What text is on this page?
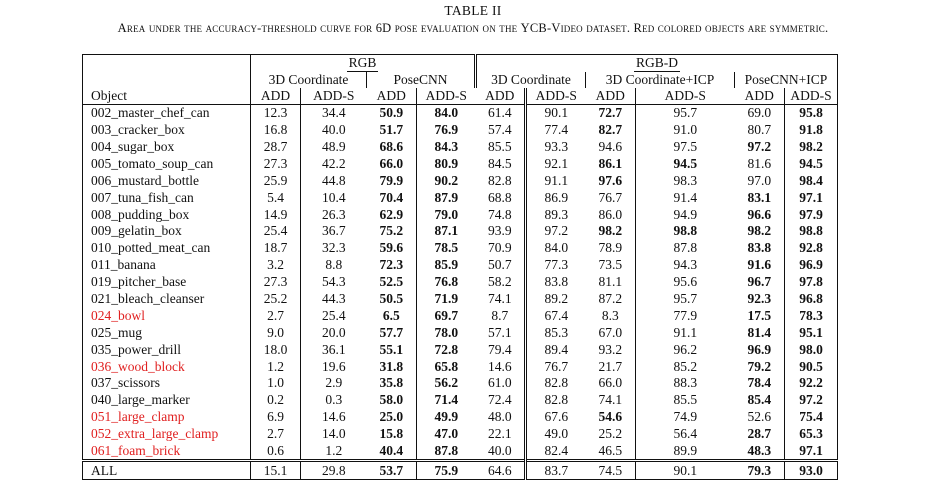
TABLE II
Area under the accuracy-threshold curve for 6D pose evaluation on the YCB-Video dataset. Red colored objects are symmetric.
	RGB				RGB-D					
	3D Coordinate		PoseCNN		3D Coordinate		3D Coordinate+ICP		PoseCNN+ICP	
Object	ADD	ADD-S	ADD	ADD-S	ADD	ADD-S	ADD	ADD-S	ADD	ADD-S
002_master_chef_can	12.3	34.4	50.9	84.0	61.4	90.1	72.7	95.7	69.0	95.8
003_cracker_box	16.8	40.0	51.7	76.9	57.4	77.4	82.7	91.0	80.7	91.8
004_sugar_box	28.7	48.9	68.6	84.3	85.5	93.3	94.6	97.5	97.2	98.2
005_tomato_soup_can	27.3	42.2	66.0	80.9	84.5	92.1	86.1	94.5	81.6	94.5
006_mustard_bottle	25.9	44.8	79.9	90.2	82.8	91.1	97.6	98.3	97.0	98.4
007_tuna_fish_can	5.4	10.4	70.4	87.9	68.8	86.9	76.7	91.4	83.1	97.1
008_pudding_box	14.9	26.3	62.9	79.0	74.8	89.3	86.0	94.9	96.6	97.9
009_gelatin_box	25.4	36.7	75.2	87.1	93.9	97.2	98.2	98.8	98.2	98.8
010_potted_meat_can	18.7	32.3	59.6	78.5	70.9	84.0	78.9	87.8	83.8	92.8
011_banana	3.2	8.8	72.3	85.9	50.7	77.3	73.5	94.3	91.6	96.9
019_pitcher_base	27.3	54.3	52.5	76.8	58.2	83.8	81.1	95.6	96.7	97.8
021_bleach_cleanser	25.2	44.3	50.5	71.9	74.1	89.2	87.2	95.7	92.3	96.8
024_bowl	2.7	25.4	6.5	69.7	8.7	67.4	8.3	77.9	17.5	78.3
025_mug	9.0	20.0	57.7	78.0	57.1	85.3	67.0	91.1	81.4	95.1
035_power_drill	18.0	36.1	55.1	72.8	79.4	89.4	93.2	96.2	96.9	98.0
036_wood_block	1.2	19.6	31.8	65.8	14.6	76.7	21.7	85.2	79.2	90.5
037_scissors	1.0	2.9	35.8	56.2	61.0	82.8	66.0	88.3	78.4	92.2
040_large_marker	0.2	0.3	58.0	71.4	72.4	82.8	74.1	85.5	85.4	97.2
051_large_clamp	6.9	14.6	25.0	49.9	48.0	67.6	54.6	74.9	52.6	75.4
052_extra_large_clamp	2.7	14.0	15.8	47.0	22.1	49.0	25.2	56.4	28.7	65.3
061_foam_brick	0.6	1.2	40.4	87.8	40.0	82.4	46.5	89.9	48.3	97.1
ALL	15.1	29.8	53.7	75.9	64.6	83.7	74.5	90.1	79.3	93.0
